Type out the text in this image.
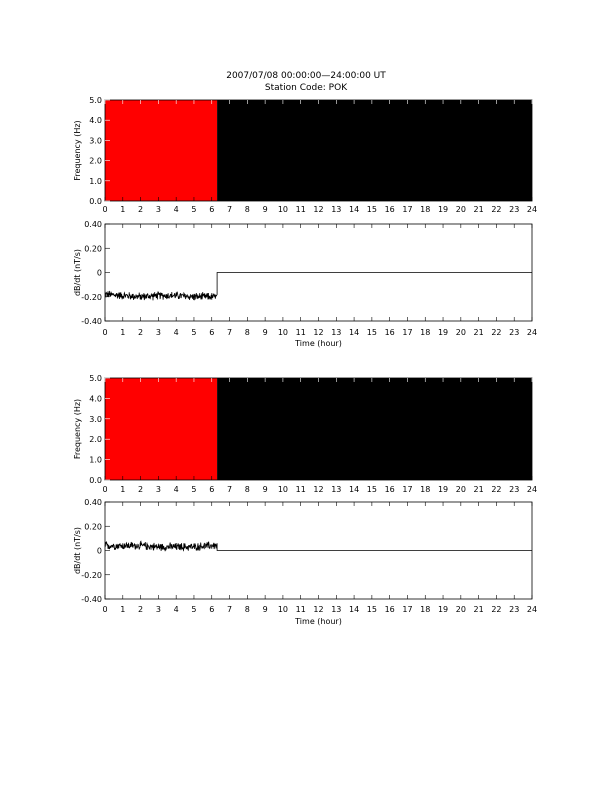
2007/07/08 00:00:00—24:00:00 UT
Station Code: POK
0 1 2 3 4 5 6 7 8 9 10 11 12 13 14 15 16 17 18 19 20 21 22 23 24
0.0
1.0
2.0
3.0
4.0
5.0
Frequency (Hz)
0 1 2 3 4 5 6 7 8 9 10 11 12 13 14 15 16 17 18 19 20 21 22 23 24
-0.40
-0.20
0
0.20
0.40
dB/dt (nT/s)
Time (hour)
0 1 2 3 4 5 6 7 8 9 10 11 12 13 14 15 16 17 18 19 20 21 22 23 24
0.0
1.0
2.0
3.0
4.0
5.0
Frequency (Hz)
0 1 2 3 4 5 6 7 8 9 10 11 12 13 14 15 16 17 18 19 20 21 22 23 24
-0.40
-0.20
0
0.20
0.40
dB/dt (nT/s)
Time (hour)
